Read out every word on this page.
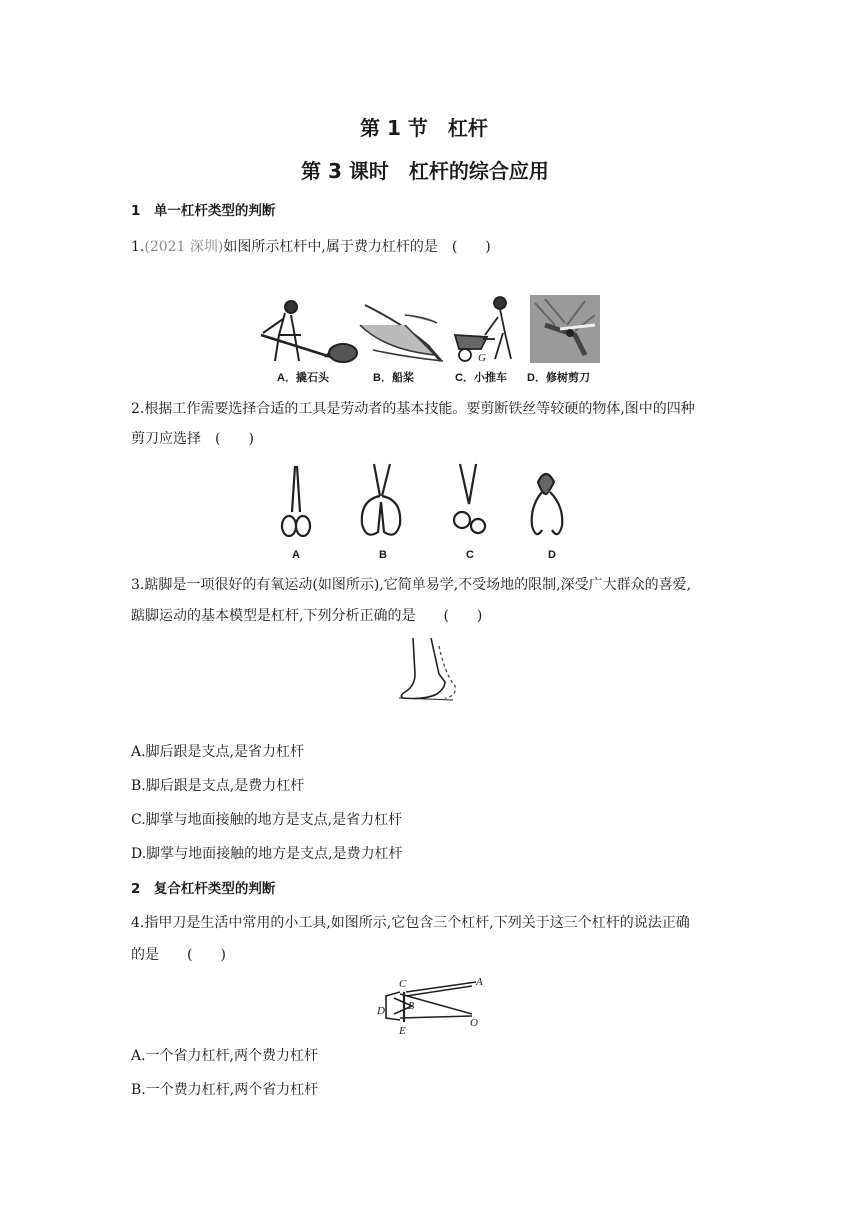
第 1 节　杠杆
第 3 课时　杠杆的综合应用
1　单一杠杆类型的判断
1.(2021 深圳)如图所示杠杆中,属于费力杠杆的是　(　　)
G
A．撬石头	B．船桨	C．小推车 D．修树剪刀
2.根据工作需要选择合适的工具是劳动者的基本技能。要剪断铁丝等较硬的物体,图中的四种
剪刀应选择　(　　)
A	B	C	D
3.踮脚是一项很好的有氧运动(如图所示),它简单易学,不受场地的限制,深受广大群众的喜爱,
踮脚运动的基本模型是杠杆,下列分析正确的是　　(　　)
A.脚后跟是支点,是省力杠杆
B.脚后跟是支点,是费力杠杆
C.脚掌与地面接触的地方是支点,是省力杠杆
D.脚掌与地面接触的地方是支点,是费力杠杆
2　复合杠杆类型的判断
4.指甲刀是生活中常用的小工具,如图所示,它包含三个杠杆,下列关于这三个杠杆的说法正确
的是　　(　　)
C	A
D B
O
E
A.一个省力杠杆,两个费力杠杆
B.一个费力杠杆,两个省力杠杆
